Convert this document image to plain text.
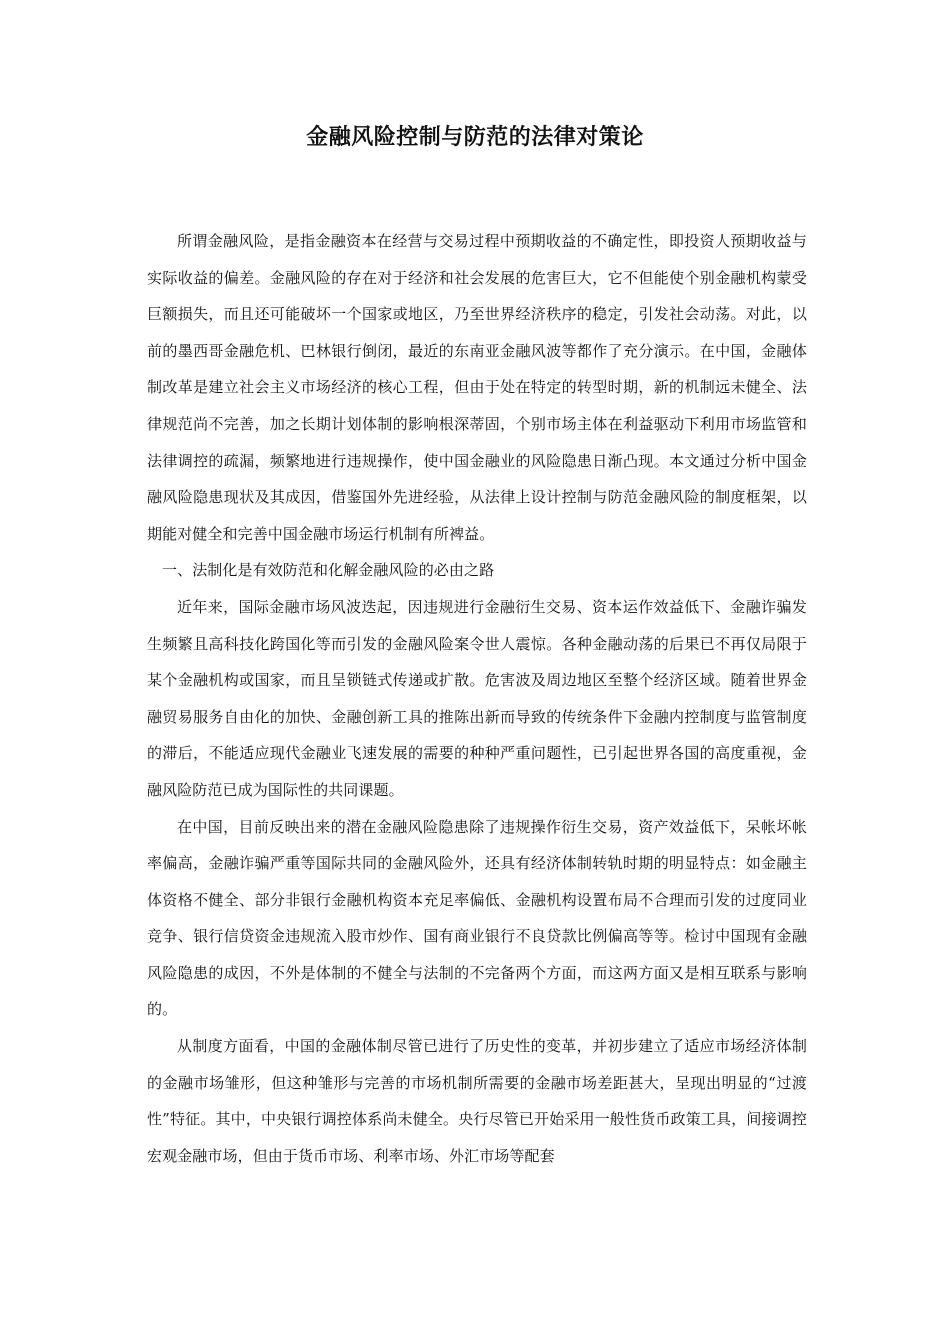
金融风险控制与防范的法律对策论

所谓金融风险，是指金融资本在经营与交易过程中预期收益的不确定性，即投资人预期收益与实际收益的偏差。金融风险的存在对于经济和社会发展的危害巨大，它不但能使个别金融机构蒙受巨额损失，而且还可能破坏一个国家或地区，乃至世界经济秩序的稳定，引发社会动荡。对此，以前的墨西哥金融危机、巴林银行倒闭，最近的东南亚金融风波等都作了充分演示。在中国，金融体制改革是建立社会主义市场经济的核心工程，但由于处在特定的转型时期，新的机制远未健全、法律规范尚不完善，加之长期计划体制的影响根深蒂固，个别市场主体在利益驱动下利用市场监管和法律调控的疏漏，频繁地进行违规操作，使中国金融业的风险隐患日渐凸现。本文通过分析中国金融风险隐患现状及其成因，借鉴国外先进经验，从法律上设计控制与防范金融风险的制度框架，以期能对健全和完善中国金融市场运行机制有所裨益。

一、法制化是有效防范和化解金融风险的必由之路

近年来，国际金融市场风波迭起，因违规进行金融衍生交易、资本运作效益低下、金融诈骗发生频繁且高科技化跨国化等而引发的金融风险案令世人震惊。各种金融动荡的后果已不再仅局限于某个金融机构或国家，而且呈锁链式传递或扩散。危害波及周边地区至整个经济区域。随着世界金融贸易服务自由化的加快、金融创新工具的推陈出新而导致的传统条件下金融内控制度与监管制度的滞后，不能适应现代金融业飞速发展的需要的种种严重问题性，已引起世界各国的高度重视，金融风险防范已成为国际性的共同课题。

在中国，目前反映出来的潜在金融风险隐患除了违规操作衍生交易，资产效益低下，呆帐坏帐率偏高，金融诈骗严重等国际共同的金融风险外，还具有经济体制转轨时期的明显特点：如金融主体资格不健全、部分非银行金融机构资本充足率偏低、金融机构设置布局不合理而引发的过度同业竞争、银行信贷资金违规流入股市炒作、国有商业银行不良贷款比例偏高等等。检讨中国现有金融风险隐患的成因，不外是体制的不健全与法制的不完备两个方面，而这两方面又是相互联系与影响的。

从制度方面看，中国的金融体制尽管已进行了历史性的变革，并初步建立了适应市场经济体制的金融市场雏形，但这种雏形与完善的市场机制所需要的金融市场差距甚大，呈现出明显的“过渡性”特征。其中，中央银行调控体系尚未健全。央行尽管已开始采用一般性货币政策工具，间接调控宏观金融市场，但由于货币市场、利率市场、外汇市场等配套
